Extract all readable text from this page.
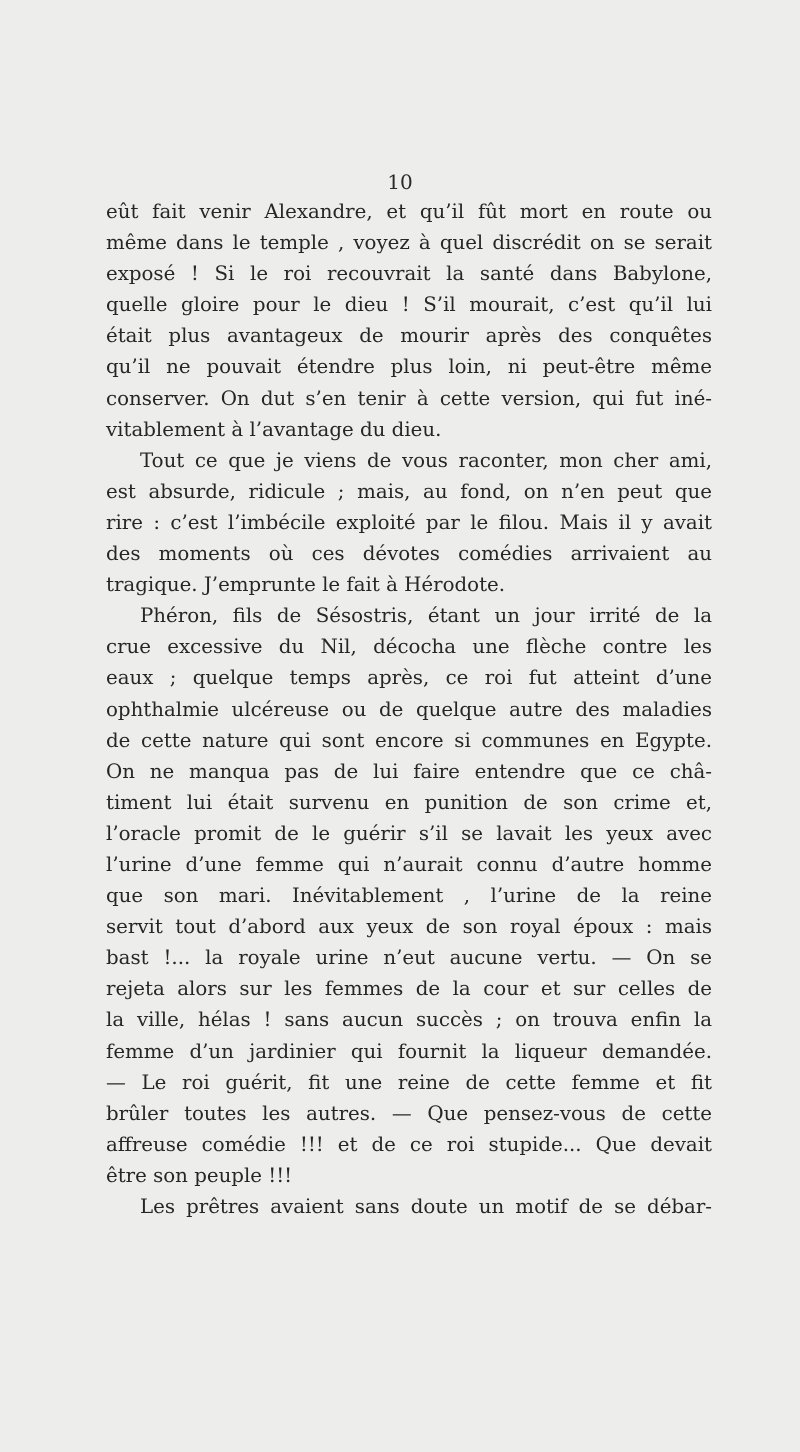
10
eût fait venir Alexandre, et qu’il fût mort en route ou
même dans le temple , voyez à quel discrédit on se serait
exposé ! Si le roi recouvrait la santé dans Babylone,
quelle gloire pour le dieu ! S’il mourait, c’est qu’il lui
était plus avantageux de mourir après des conquêtes
qu’il ne pouvait étendre plus loin, ni peut-être même
conserver. On dut s’en tenir à cette version, qui fut iné-
vitablement à l’avantage du dieu.
Tout ce que je viens de vous raconter, mon cher ami,
est absurde, ridicule ; mais, au fond, on n’en peut que
rire : c’est l’imbécile exploité par le filou. Mais il y avait
des moments où ces dévotes comédies arrivaient au
tragique. J’emprunte le fait à Hérodote.
Phéron, fils de Sésostris, étant un jour irrité de la
crue excessive du Nil, décocha une flèche contre les
eaux ; quelque temps après, ce roi fut atteint d’une
ophthalmie ulcéreuse ou de quelque autre des maladies
de cette nature qui sont encore si communes en Egypte.
On ne manqua pas de lui faire entendre que ce châ-
timent lui était survenu en punition de son crime et,
l’oracle promit de le guérir s’il se lavait les yeux avec
l’urine d’une femme qui n’aurait connu d’autre homme
que son mari. Inévitablement , l’urine de la reine
servit tout d’abord aux yeux de son royal époux : mais
bast !... la royale urine n’eut aucune vertu. — On se
rejeta alors sur les femmes de la cour et sur celles de
la ville, hélas ! sans aucun succès ; on trouva enfin la
femme d’un jardinier qui fournit la liqueur demandée.
— Le roi guérit, fit une reine de cette femme et fit
brûler toutes les autres. — Que pensez-vous de cette
affreuse comédie !!! et de ce roi stupide... Que devait
être son peuple !!!
Les prêtres avaient sans doute un motif de se débar-
